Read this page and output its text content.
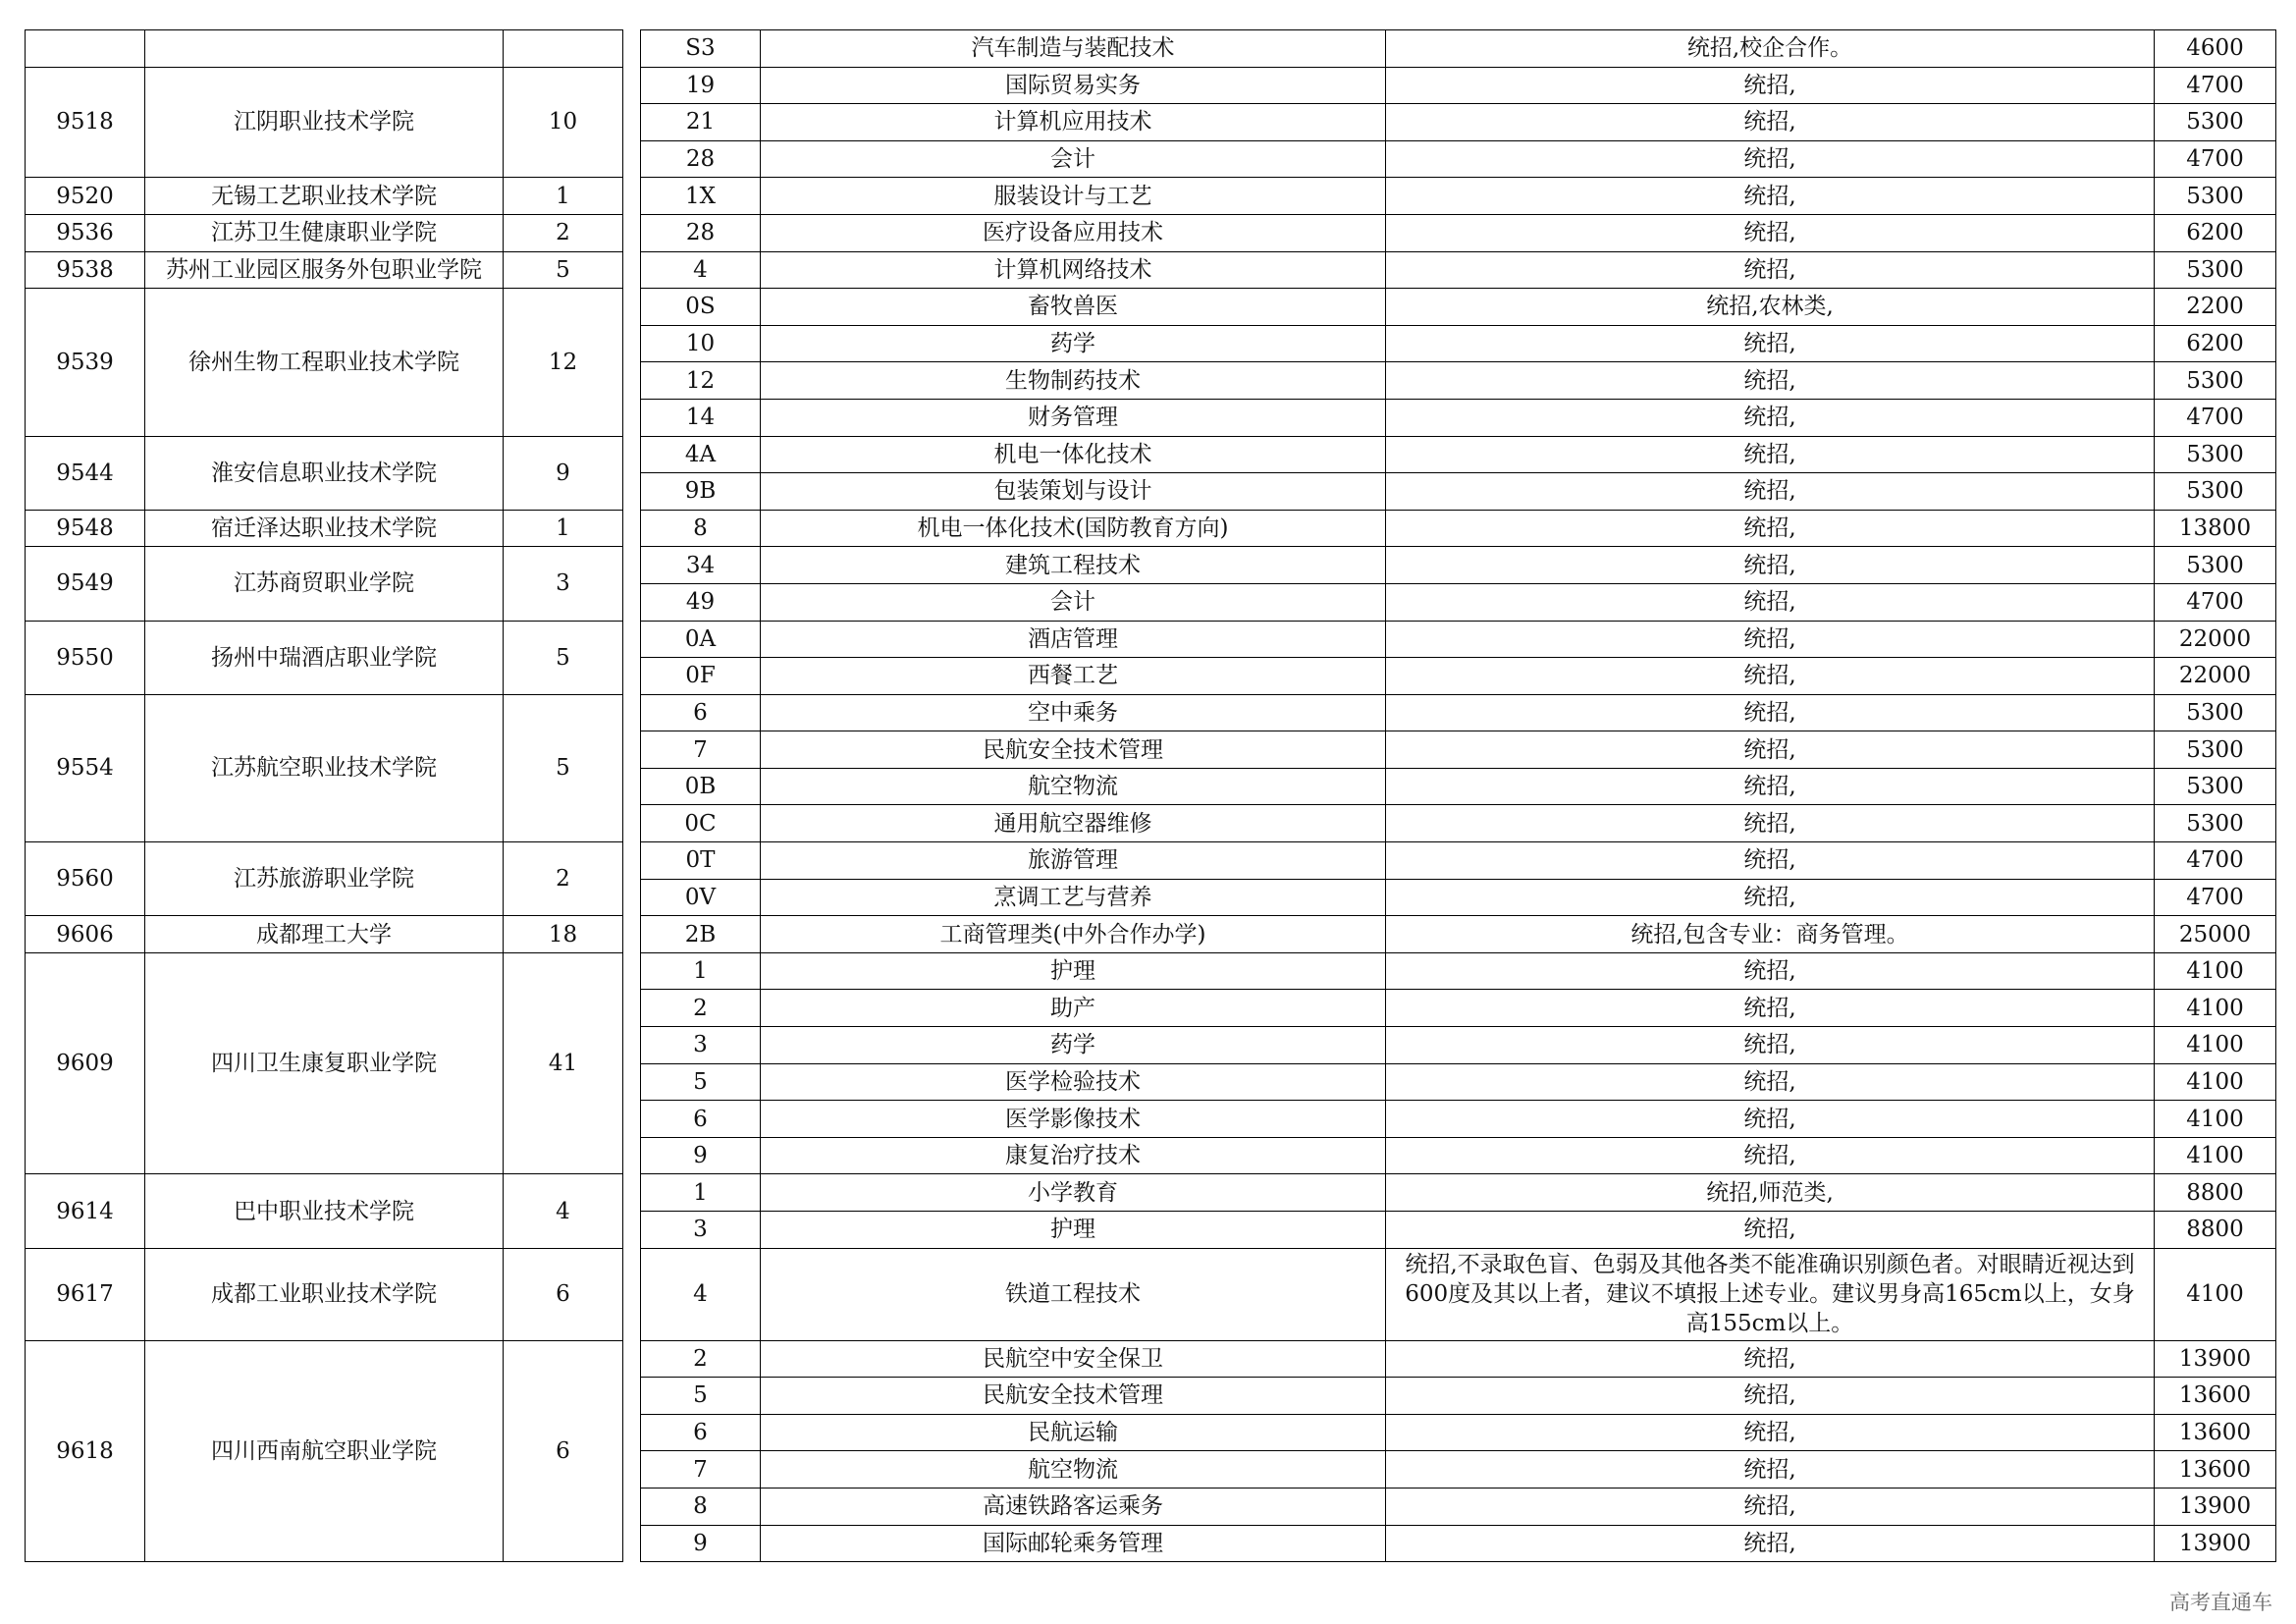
				S3	汽车制造与装配技术	统招,校企合作。	4600
9518	江阴职业技术学院	10		19	国际贸易实务	统招,	4700
				21	计算机应用技术	统招,	5300
				28	会计	统招,	4700
9520	无锡工艺职业技术学院	1		1X	服装设计与工艺	统招,	5300
9536	江苏卫生健康职业学院	2		28	医疗设备应用技术	统招,	6200
9538	苏州工业园区服务外包职业学院	5		4	计算机网络技术	统招,	5300
9539	徐州生物工程职业技术学院	12		0S	畜牧兽医	统招,农林类,	2200
				10	药学	统招,	6200
				12	生物制药技术	统招,	5300
				14	财务管理	统招,	4700
9544	淮安信息职业技术学院	9		4A	机电一体化技术	统招,	5300
				9B	包装策划与设计	统招,	5300
9548	宿迁泽达职业技术学院	1		8	机电一体化技术(国防教育方向)	统招,	13800
9549	江苏商贸职业学院	3		34	建筑工程技术	统招,	5300
				49	会计	统招,	4700
9550	扬州中瑞酒店职业学院	5		0A	酒店管理	统招,	22000
				0F	西餐工艺	统招,	22000
9554	江苏航空职业技术学院	5		6	空中乘务	统招,	5300
				7	民航安全技术管理	统招,	5300
				0B	航空物流	统招,	5300
				0C	通用航空器维修	统招,	5300
9560	江苏旅游职业学院	2		0T	旅游管理	统招,	4700
				0V	烹调工艺与营养	统招,	4700
9606	成都理工大学	18		2B	工商管理类(中外合作办学)	统招,包含专业：商务管理。	25000
9609	四川卫生康复职业学院	41		1	护理	统招,	4100
				2	助产	统招,	4100
				3	药学	统招,	4100
				5	医学检验技术	统招,	4100
				6	医学影像技术	统招,	4100
				9	康复治疗技术	统招,	4100
9614	巴中职业技术学院	4		1	小学教育	统招,师范类,	8800
				3	护理	统招,	8800
9617	成都工业职业技术学院	6		4	铁道工程技术	统招,不录取色盲、色弱及其他各类不能准确识别颜色者。对眼睛近视达到600度及其以上者，建议不填报上述专业。建议男身高165cm以上，女身高155cm以上。	4100
9618	四川西南航空职业学院	6		2	民航空中安全保卫	统招,	13900
				5	民航安全技术管理	统招,	13600
				6	民航运输	统招,	13600
				7	航空物流	统招,	13600
				8	高速铁路客运乘务	统招,	13900
				9	国际邮轮乘务管理	统招,	13900
高考直通车
